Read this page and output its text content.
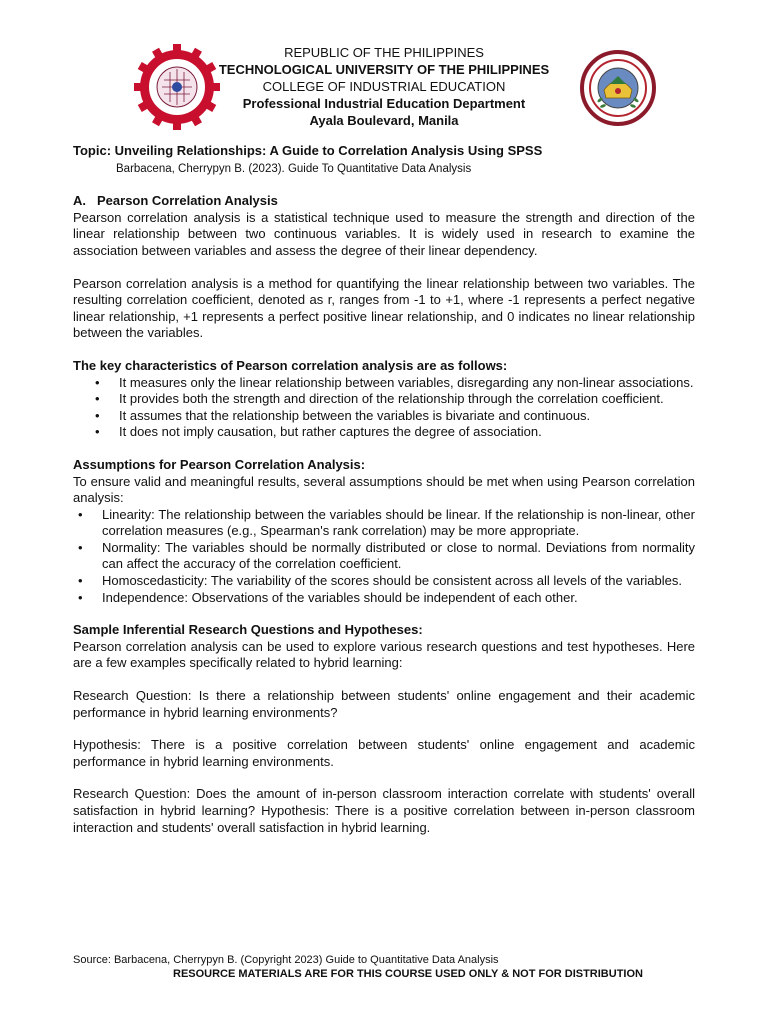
REPUBLIC OF THE PHILIPPINES
TECHNOLOGICAL UNIVERSITY OF THE PHILIPPINES
COLLEGE OF INDUSTRIAL EDUCATION
Professional Industrial Education Department
Ayala Boulevard, Manila
Topic: Unveiling Relationships: A Guide to Correlation Analysis Using SPSS
Barbacena, Cherrypyn B. (2023). Guide To Quantitative Data Analysis
A. Pearson Correlation Analysis

Pearson correlation analysis is a statistical technique used to measure the strength and direction of the linear relationship between two continuous variables. It is widely used in research to examine the association between variables and assess the degree of their linear dependency.

Pearson correlation analysis is a method for quantifying the linear relationship between two variables. The resulting correlation coefficient, denoted as r, ranges from -1 to +1, where -1 represents a perfect negative linear relationship, +1 represents a perfect positive linear relationship, and 0 indicates no linear relationship between the variables.

The key characteristics of Pearson correlation analysis are as follows:
• It measures only the linear relationship between variables, disregarding any non-linear associations.
• It provides both the strength and direction of the relationship through the correlation coefficient.
• It assumes that the relationship between the variables is bivariate and continuous.
• It does not imply causation, but rather captures the degree of association.
Assumptions for Pearson Correlation Analysis:

To ensure valid and meaningful results, several assumptions should be met when using Pearson correlation analysis:

• Linearity: The relationship between the variables should be linear. If the relationship is non-linear, other correlation measures (e.g., Spearman's rank correlation) may be more appropriate.
• Normality: The variables should be normally distributed or close to normal. Deviations from normality can affect the accuracy of the correlation coefficient.
• Homoscedasticity: The variability of the scores should be consistent across all levels of the variables.
• Independence: Observations of the variables should be independent of each other.
Sample Inferential Research Questions and Hypotheses:

Pearson correlation analysis can be used to explore various research questions and test hypotheses. Here are a few examples specifically related to hybrid learning:

Research Question: Is there a relationship between students' online engagement and their academic performance in hybrid learning environments?

Hypothesis: There is a positive correlation between students' online engagement and academic performance in hybrid learning environments.

Research Question: Does the amount of in-person classroom interaction correlate with students' overall satisfaction in hybrid learning? Hypothesis: There is a positive correlation between in-person classroom interaction and students' overall satisfaction in hybrid learning.

Source: Barbacena, Cherrypyn B. (Copyright 2023) Guide to Quantitative Data Analysis
RESOURCE MATERIALS ARE FOR THIS COURSE USED ONLY & NOT FOR DISTRIBUTION
